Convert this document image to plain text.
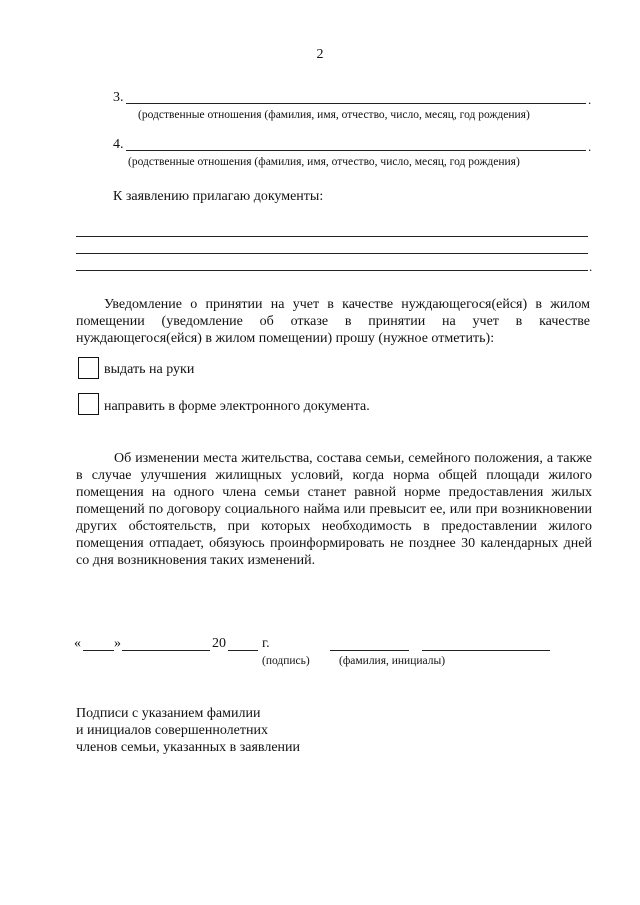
2
3.	.
(родственные отношения (фамилия, имя, отчество, число, месяц, год рождения)
4.	.
(родственные отношения (фамилия, имя, отчество, число, месяц, год рождения)
К заявлению прилагаю документы:
.
Уведомление о принятии на учет в качестве нуждающегося(ейся) в жилом помещении (уведомление об отказе в принятии на учет в качестве нуждающегося(ейся) в жилом помещении) прошу (нужное отметить):
выдать на руки
направить в форме электронного документа.
Об изменении места жительства, состава семьи, семейного положения, а также в случае улучшения жилищных условий, когда норма общей площади жилого помещения на одного члена семьи станет равной норме предоставления жилых помещений по договору социального найма или превысит ее, или при возникновении других обстоятельств, при которых необходимость в предоставлении жилого помещения отпадает, обязуюсь проинформировать не позднее 30 календарных дней со дня возникновения таких изменений.
« »	20	г.
(подпись)	(фамилия, инициалы)
Подписи с указанием фамилии
и инициалов совершеннолетних
членов семьи, указанных в заявлении
